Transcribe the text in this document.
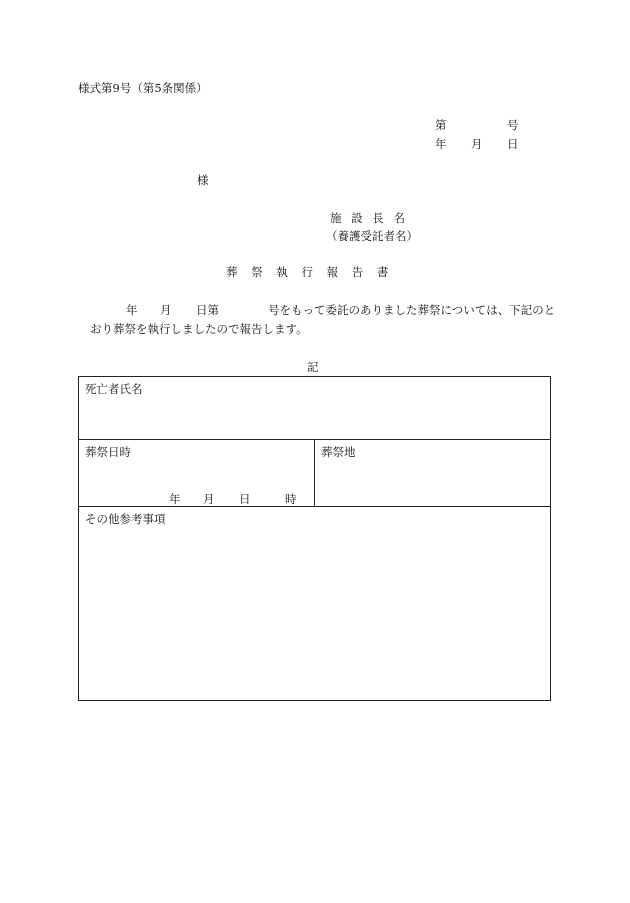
様式第9号（第5条関係）
第	号
年 月 日
様
施 設 長 名
（養護受託者名）
葬 祭 執 行 報 告 書
年 月 日第	号をもって委託のありました葬祭については、下記のと
おり葬祭を執行しましたので報告します。
記
死亡者氏名

葬祭日時
年 月 日	時

葬祭地

その他参考事項
